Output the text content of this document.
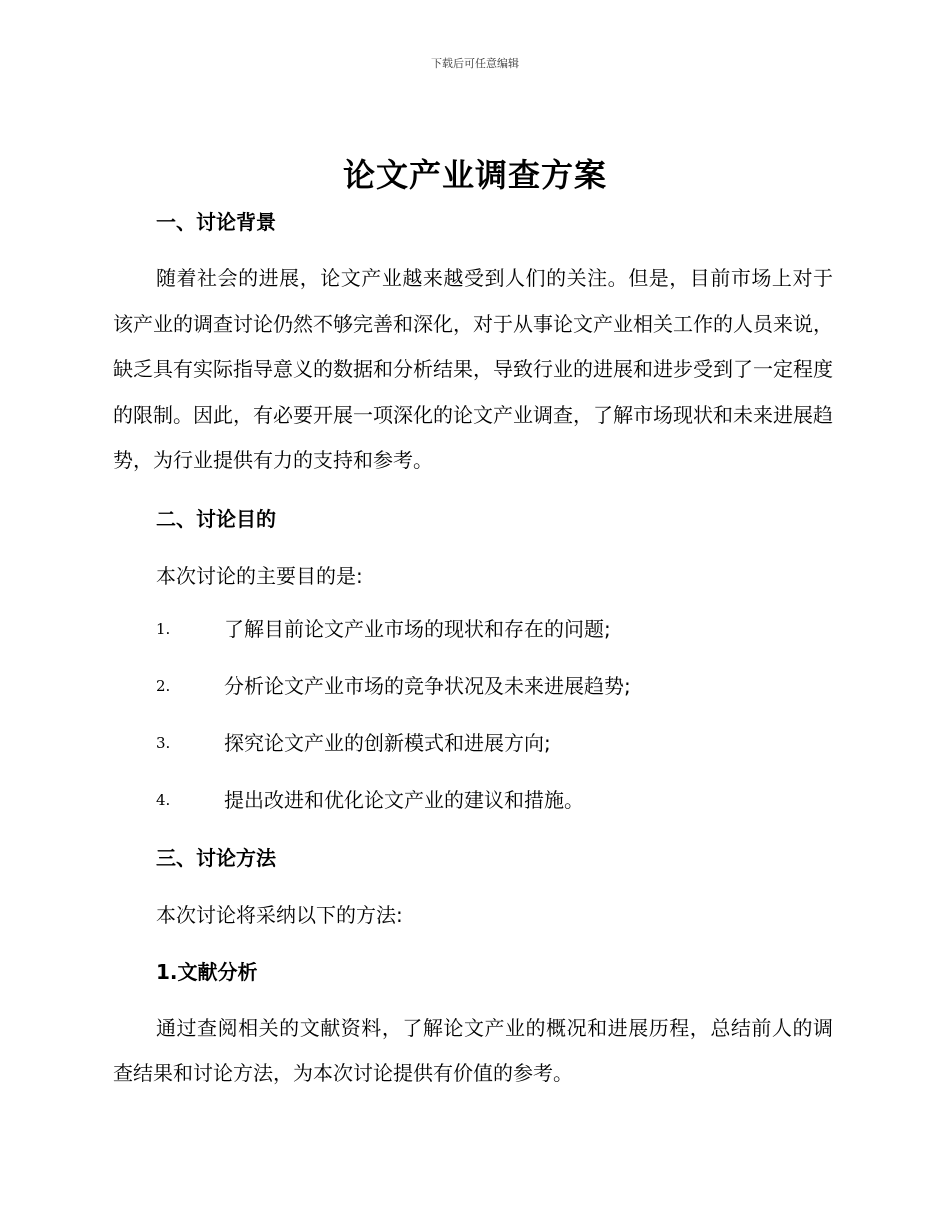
下载后可任意编辑
论文产业调查方案
一、讨论背景

随着社会的进展，论文产业越来越受到人们的关注。但是，目前市场上对于该产业的调查讨论仍然不够完善和深化，对于从事论文产业相关工作的人员来说，缺乏具有实际指导意义的数据和分析结果，导致行业的进展和进步受到了一定程度的限制。因此，有必要开展一项深化的论文产业调查，了解市场现状和未来进展趋势，为行业提供有力的支持和参考。

二、讨论目的
本次讨论的主要目的是:
1.	了解目前论文产业市场的现状和存在的问题;
2.	分析论文产业市场的竞争状况及未来进展趋势;
3.	探究论文产业的创新模式和进展方向;
4.	提出改进和优化论文产业的建议和措施。
三、讨论方法
本次讨论将采纳以下的方法:
1.文献分析

通过查阅相关的文献资料，了解论文产业的概况和进展历程，总结前人的调查结果和讨论方法，为本次讨论提供有价值的参考。
